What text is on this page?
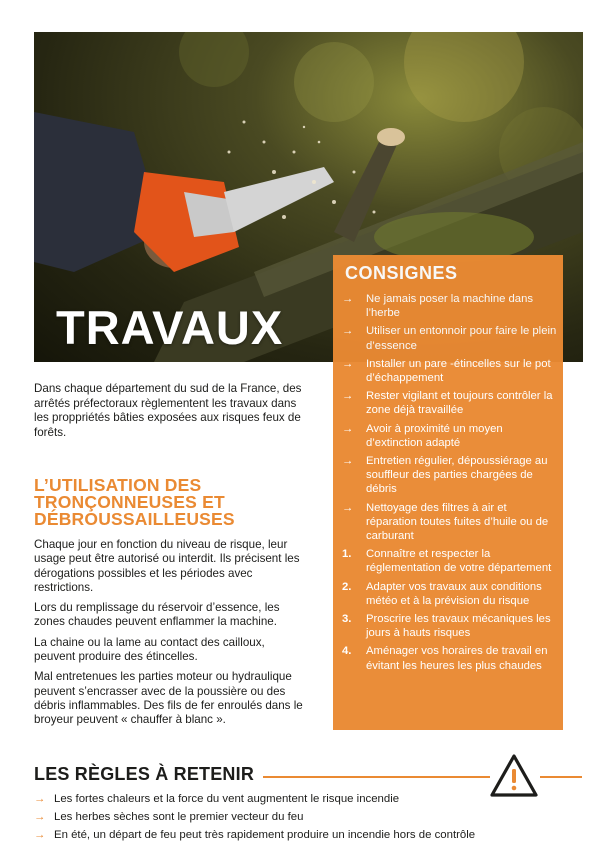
TRAVAUX
CONSIGNES
→	Ne jamais poser la machine dans l’herbe
→	Utiliser un entonnoir pour faire le plein d’essence
→	Installer un pare -étincelles sur le pot d’échappement
→	Rester vigilant et toujours contrôler la zone déjà travaillée
→	Avoir à proximité un moyen d’extinction adapté
→	Entretien régulier, dépoussiérage au souffleur des parties chargées de débris
→	Nettoyage des filtres à air et réparation toutes fuites d’huile ou de carburant
1.	Connaître et respecter la réglementation de votre département
2.	Adapter vos travaux aux conditions météo et à la prévision du risque
3.	Proscrire les travaux mécaniques les jours à hauts risques
4.	Aménager vos horaires de travail en évitant les heures les plus chaudes

Dans chaque département du sud de la France, des arrêtés préfectoraux règlementent les travaux dans les proppriétés bâties exposées aux risques feux de forêts.

L’UTILISATION DES TRONÇONNEUSES ET DÉBROUSSAILLEUSES

Chaque jour en fonction du niveau de risque, leur usage peut être autorisé ou interdit. Ils précisent les dérogations possibles et les périodes avec restrictions.

Lors du remplissage du réservoir d’essence, les zones chaudes peuvent enflammer la machine.

La chaine ou la lame au contact des cailloux, peuvent produire des étincelles.

Mal entretenues les parties moteur ou hydraulique peuvent s’encrasser avec de la poussière ou des débris inflammables. Des fils de fer enroulés dans le broyeur peuvent « chauffer à blanc ».

LES RÈGLES À RETENIR
→ Les fortes chaleurs et la force du vent augmentent le risque incendie
→ Les herbes sèches sont le premier vecteur du feu
→ En été, un départ de feu peut très rapidement produire un incendie hors de contrôle
